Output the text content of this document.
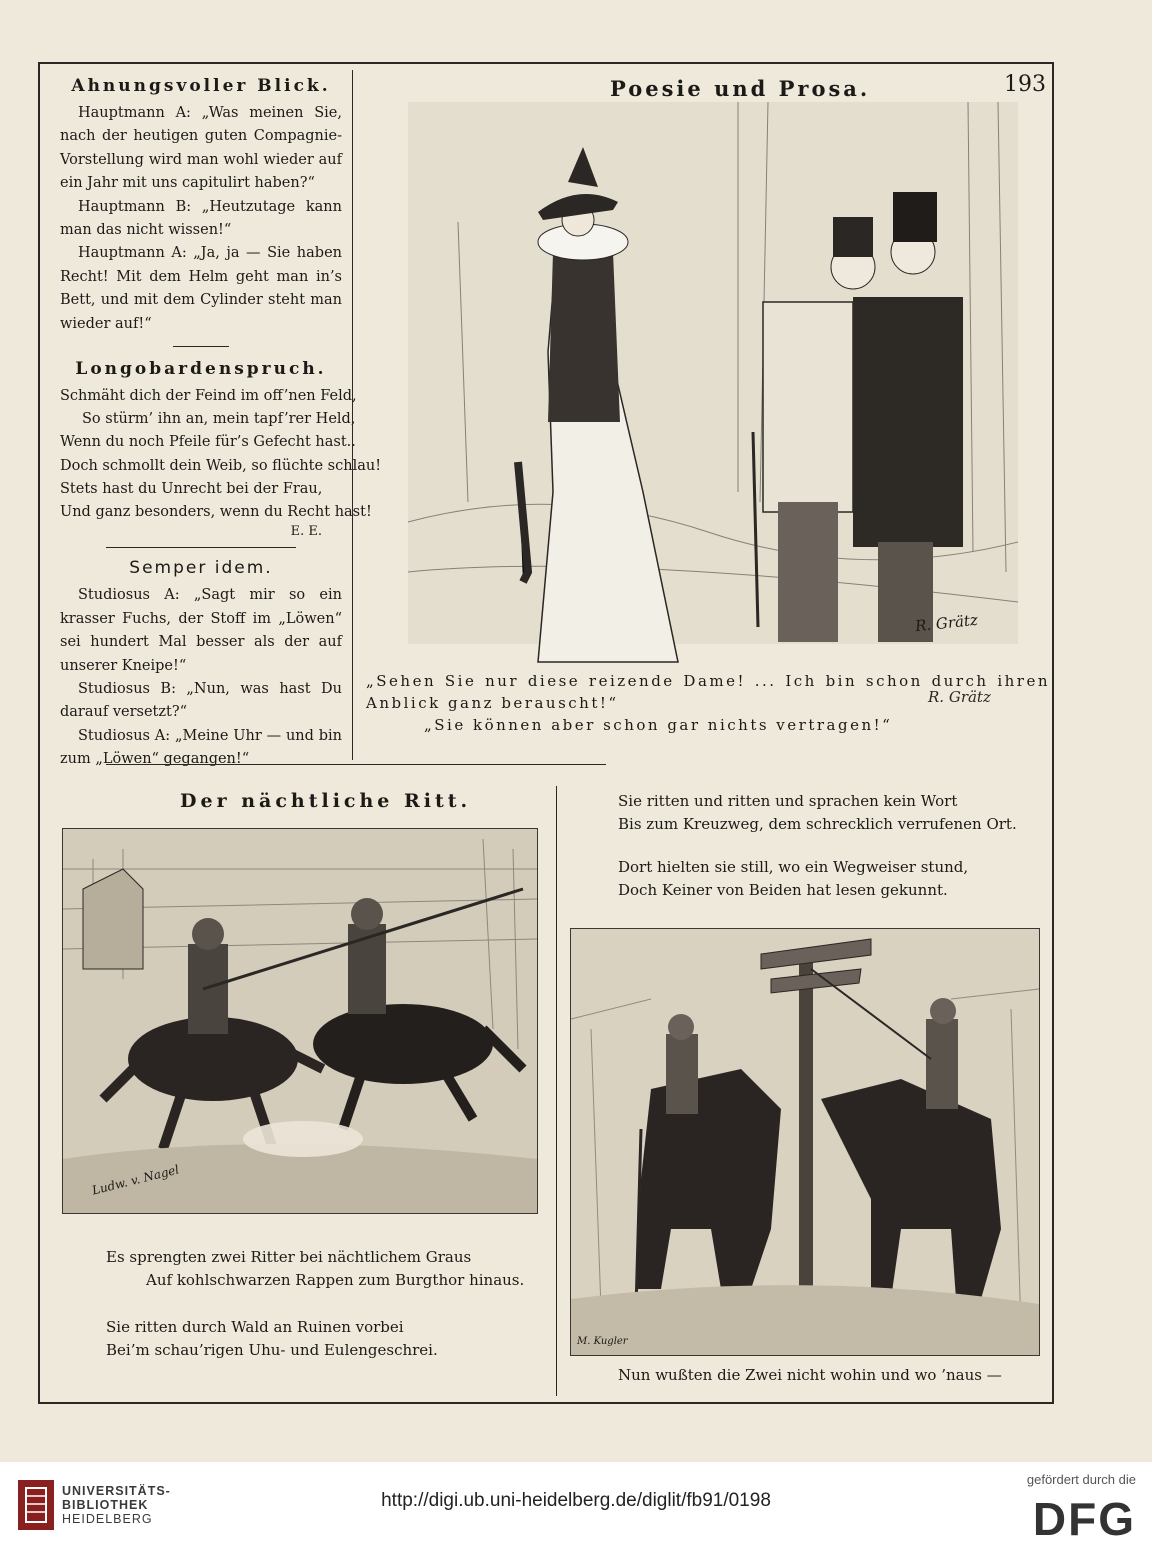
Poesie und Prosa.	193
Ahnungsvoller Blick.

Hauptmann A: „Was meinen Sie, nach der heutigen guten Compagnie-Vorstellung wird man wohl wieder auf ein Jahr mit uns capitulirt haben?“

Hauptmann B: „Heutzutage kann man das nicht wissen!“

Hauptmann A: „Ja, ja — Sie haben Recht! Mit dem Helm geht man in’s Bett, und mit dem Cylinder steht man wieder auf!“

Longobardenspruch.
Schmäht dich der Feind im off’nen Feld,
So stürm’ ihn an, mein tapf’rer Held,
Wenn du noch Pfeile für’s Gefecht hast..
Doch schmollt dein Weib, so flüchte schlau!
Stets hast du Unrecht bei der Frau,
Und ganz besonders, wenn du Recht hast!
E. E.
Semper idem.

Studiosus A: „Sagt mir so ein krasser Fuchs, der Stoff im „Löwen“ sei hundert Mal besser als der auf unserer Kneipe!“

Studiosus B: „Nun, was hast Du darauf versetzt?“

Studiosus A: „Meine Uhr — und bin zum „Löwen“ gegangen!“

R. Grätz
R. Grätz
„Sehen Sie nur diese reizende Dame! ... Ich bin schon durch ihren Anblick ganz berauscht!“
„Sie können aber schon gar nichts vertragen!“
Der nächtliche Ritt.
Ludw. v. Nagel
Sie ritten und ritten und sprachen kein Wort
Bis zum Kreuzweg, dem schrecklich verrufenen Ort.
Dort hielten sie still, wo ein Wegweiser stund,
Doch Keiner von Beiden hat lesen gekunnt.
M. Kugler
Es sprengten zwei Ritter bei nächtlichem Graus
Auf kohlschwarzen Rappen zum Burgthor hinaus.
Sie ritten durch Wald an Ruinen vorbei
Bei’m schau’rigen Uhu- und Eulengeschrei.
Nun wußten die Zwei nicht wohin und wo ’naus —
UNIVERSITÄTS-
BIBLIOTHEK
HEIDELBERG
http://digi.ub.uni-heidelberg.de/diglit/fb91/0198
gefördert durch die
DFG
